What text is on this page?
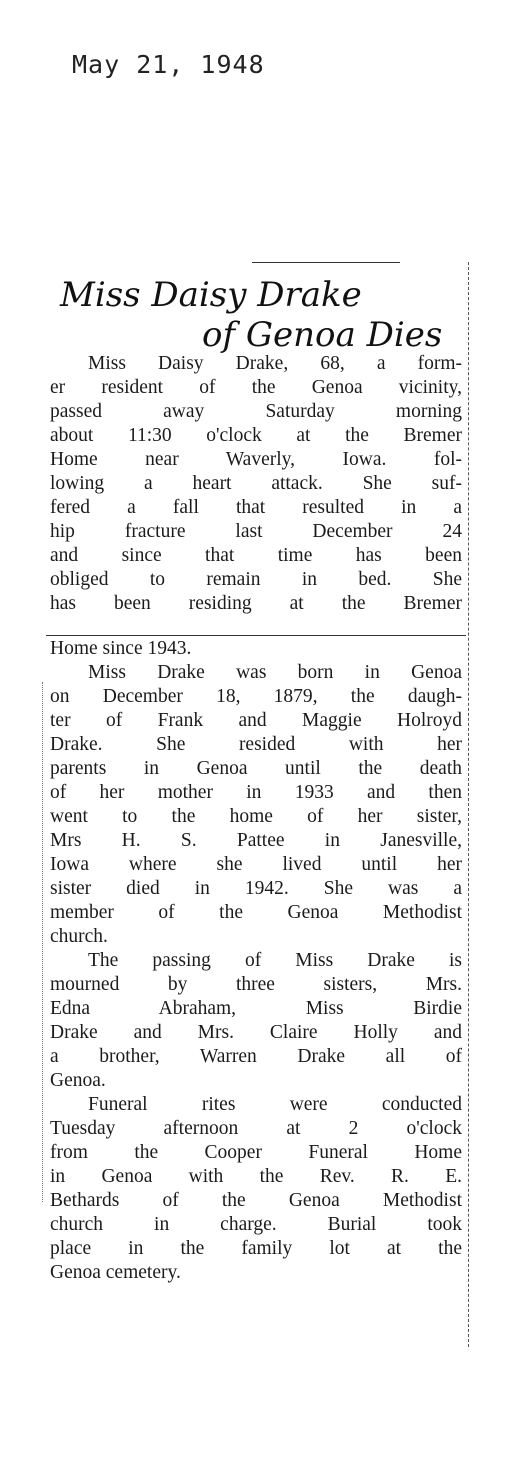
May 21, 1948
Miss Daisy Drake
of Genoa Dies
Miss Daisy Drake, 68, a form-
er resident of the Genoa vicinity,
passed away Saturday morning
about 11:30 o'clock at the Bremer
Home near Waverly, Iowa. fol-
lowing a heart attack. She suf-
fered a fall that resulted in a
hip fracture last December 24
and since that time has been
obliged to remain in bed. She
has been residing at the Bremer
Home since 1943.
Miss Drake was born in Genoa
on December 18, 1879, the daugh-
ter of Frank and Maggie Holroyd
Drake. She resided with her
parents in Genoa until the death
of her mother in 1933 and then
went to the home of her sister,
Mrs H. S. Pattee in Janesville,
Iowa where she lived until her
sister died in 1942. She was a
member of the Genoa Methodist
church.
The passing of Miss Drake is
mourned by three sisters, Mrs.
Edna Abraham, Miss Birdie
Drake and Mrs. Claire Holly and
a brother, Warren Drake all of
Genoa.
Funeral rites were conducted
Tuesday afternoon at 2 o'clock
from the Cooper Funeral Home
in Genoa with the Rev. R. E.
Bethards of the Genoa Methodist
church in charge. Burial took
place in the family lot at the
Genoa cemetery.
